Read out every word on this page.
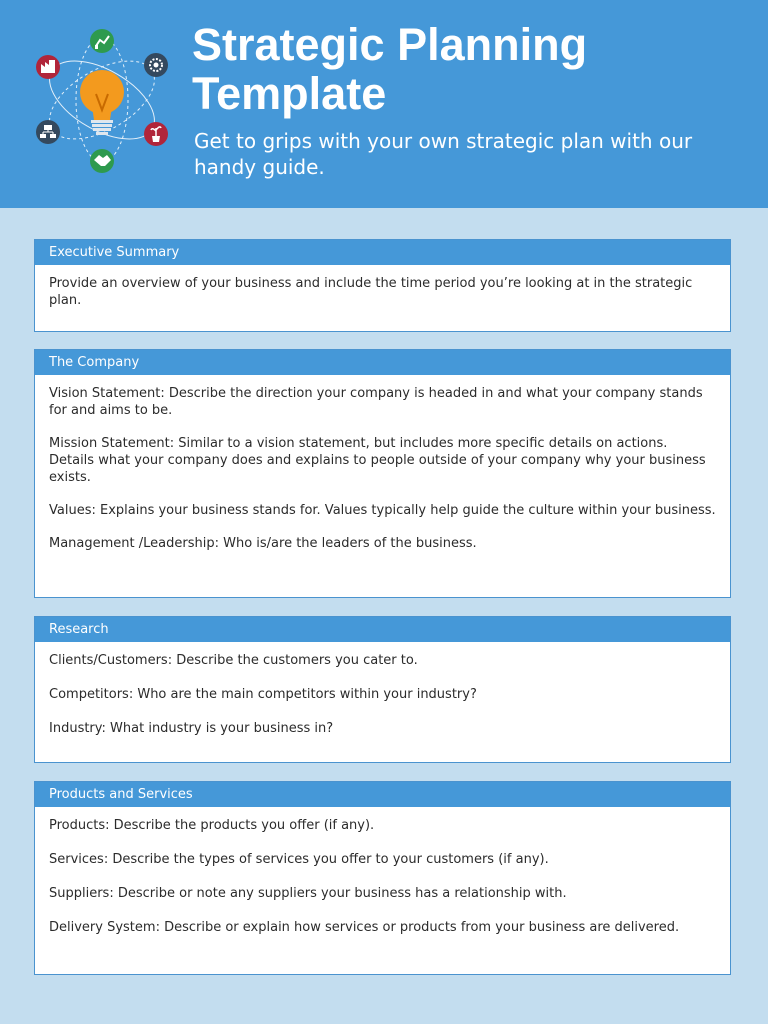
Strategic Planning Template

Get to grips with your own strategic plan with our handy guide.

Executive Summary

Provide an overview of your business and include the time period you’re looking at in the strategic plan.

The Company

Vision Statement: Describe the direction your company is headed in and what your company stands for and aims to be.

Mission Statement: Similar to a vision statement, but includes more specific details on actions. Details what your company does and explains to people outside of your company why your business exists.

Values: Explains your business stands for. Values typically help guide the culture within your business.

Management /Leadership: Who is/are the leaders of the business.

Research

Clients/Customers: Describe the customers you cater to.

Competitors: Who are the main competitors within your industry?

Industry: What industry is your business in?

Products and Services

Products: Describe the products you offer (if any).

Services: Describe the types of services you offer to your customers (if any).

Suppliers: Describe or note any suppliers your business has a relationship with.

Delivery System: Describe or explain how services or products from your business are delivered.
